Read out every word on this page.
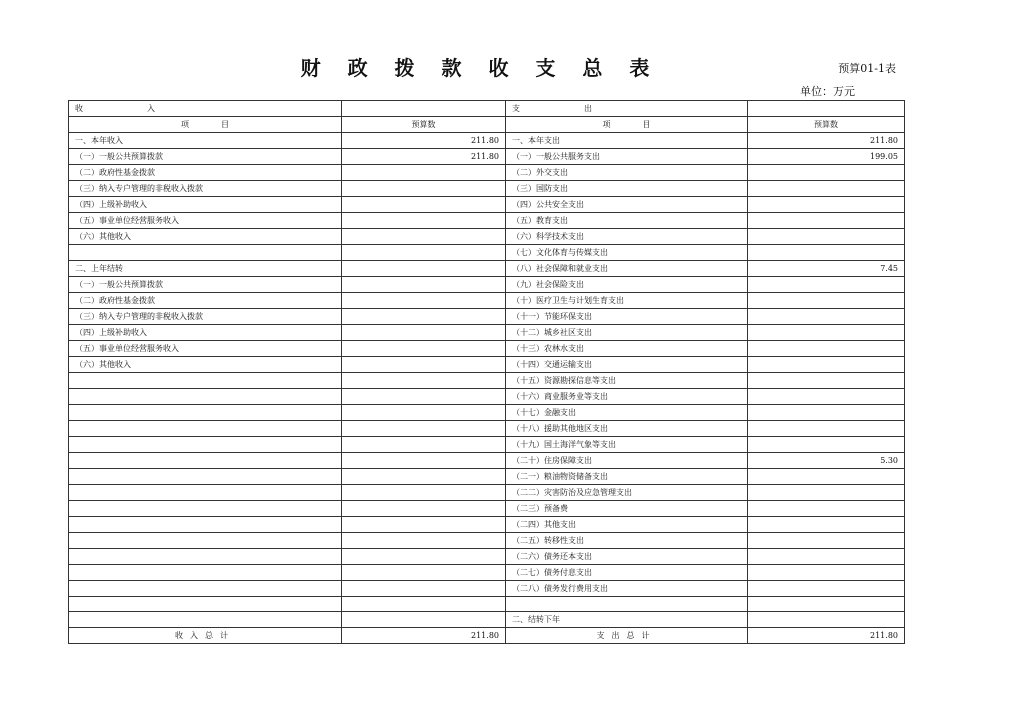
财 政 拨 款 收 支 总 表	预算01-1表
单位：万元
收　　　　　　　　入		支　　　　　　　　出	
项　　　　目	预算数	项　　　　目	预算数
一、本年收入	211.80	一、本年支出	211.80
（一）一般公共预算拨款	211.80	（一）一般公共服务支出	199.05
（二）政府性基金拨款		（二）外交支出	
（三）纳入专户管理的非税收入拨款		（三）国防支出	
（四）上级补助收入		（四）公共安全支出	
（五）事业单位经营服务收入		（五）教育支出	
（六）其他收入		（六）科学技术支出	
		（七）文化体育与传媒支出	
二、上年结转		（八）社会保障和就业支出	7.45
（一）一般公共预算拨款		（九）社会保险支出	
（二）政府性基金拨款		（十）医疗卫生与计划生育支出	
（三）纳入专户管理的非税收入拨款		（十一）节能环保支出	
（四）上级补助收入		（十二）城乡社区支出	
（五）事业单位经营服务收入		（十三）农林水支出	
（六）其他收入		（十四）交通运输支出	
		（十五）资源勘探信息等支出	
		（十六）商业服务业等支出	
		（十七）金融支出	
		（十八）援助其他地区支出	
		（十九）国土海洋气象等支出	
		（二十）住房保障支出	5.30
		（二一）粮油物资储备支出	
		（二二）灾害防治及应急管理支出	
		（二三）预备费	
		（二四）其他支出	
		（二五）转移性支出	
		（二六）债务还本支出	
		（二七）债务付息支出	
		（二八）债务发行费用支出	

		二、结转下年	
收入总计	211.80	支出总计	211.80
